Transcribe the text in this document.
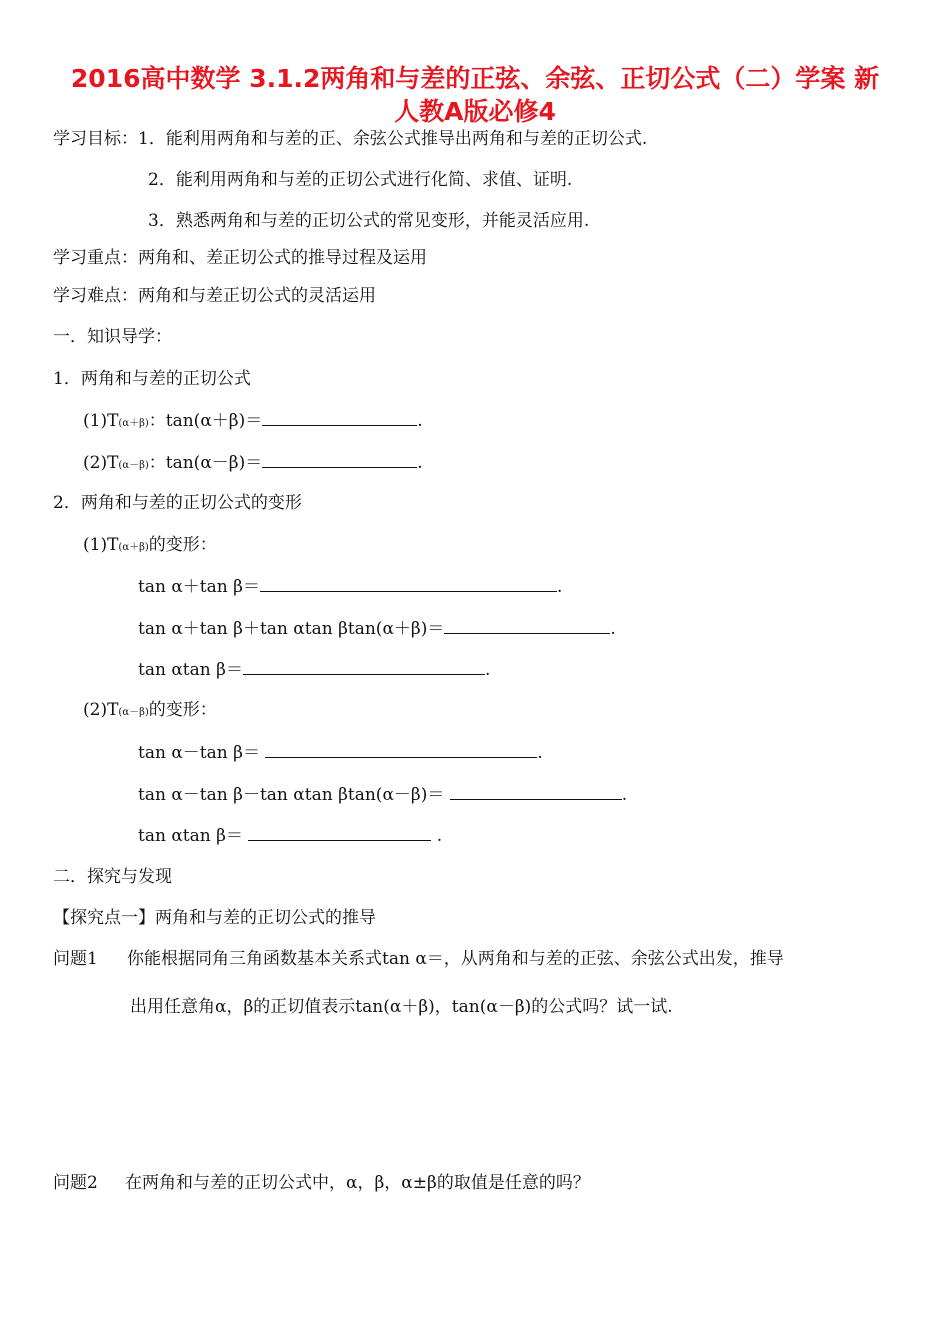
2016高中数学 3.1.2两角和与差的正弦、余弦、正切公式（二）学案 新
人教A版必修4
学习目标：1．能利用两角和与差的正、余弦公式推导出两角和与差的正切公式.
2．能利用两角和与差的正切公式进行化简、求值、证明.
3．熟悉两角和与差的正切公式的常见变形，并能灵活应用.
学习重点：两角和、差正切公式的推导过程及运用
学习难点：两角和与差正切公式的灵活运用
一．知识导学：
1．两角和与差的正切公式
(1)T(α＋β)：tan(α＋β)＝	.
(2)T(α－β)：tan(α－β)＝	.
2．两角和与差的正切公式的变形
(1)T(α＋β)的变形：
tan α＋tan β＝	.
tan α＋tan β＋tan αtan βtan(α＋β)＝	.
tan αtan β＝	.
(2)T(α－β)的变形：
tan α－tan β＝	.
tan α－tan β－tan αtan βtan(α－β)＝	.
tan αtan β＝	.
二．探究与发现
【探究点一】两角和与差的正切公式的推导
问题1 你能根据同角三角函数基本关系式tan α＝，从两角和与差的正弦、余弦公式出发，推导
出用任意角α，β的正切值表示tan(α＋β)，tan(α－β)的公式吗？试一试.
问题2 在两角和与差的正切公式中，α，β，α±β的取值是任意的吗？
